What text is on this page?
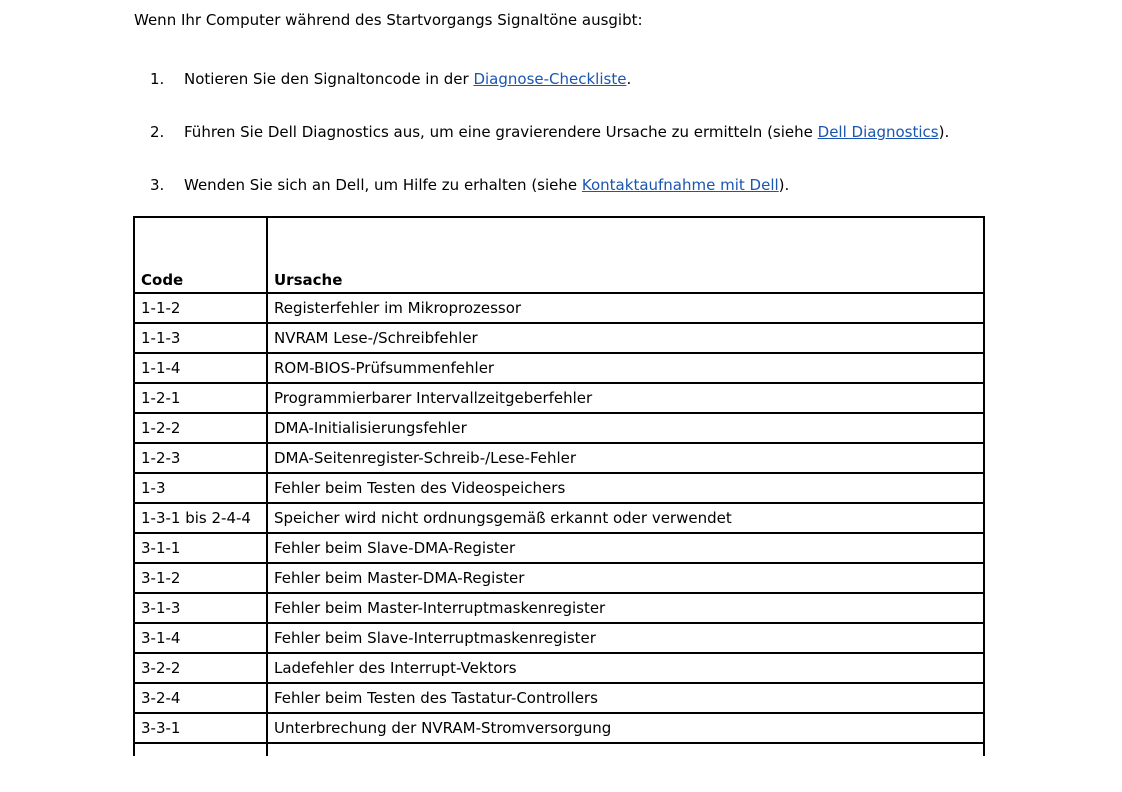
Wenn Ihr Computer während des Startvorgangs Signaltöne ausgibt:

1. Notieren Sie den Signaltoncode in der Diagnose-Checkliste.
2. Führen Sie Dell Diagnostics aus, um eine gravierendere Ursache zu ermitteln (siehe Dell Diagnostics).
3. Wenden Sie sich an Dell, um Hilfe zu erhalten (siehe Kontaktaufnahme mit Dell).
Code	Ursache
1-1-2	Registerfehler im Mikroprozessor
1-1-3	NVRAM Lese-/Schreibfehler
1-1-4	ROM-BIOS-Prüfsummenfehler
1-2-1	Programmierbarer Intervallzeitgeberfehler
1-2-2	DMA-Initialisierungsfehler
1-2-3	DMA-Seitenregister-Schreib-/Lese-Fehler
1-3	Fehler beim Testen des Videospeichers
1-3-1 bis 2-4-4	Speicher wird nicht ordnungsgemäß erkannt oder verwendet
3-1-1	Fehler beim Slave-DMA-Register
3-1-2	Fehler beim Master-DMA-Register
3-1-3	Fehler beim Master-Interruptmaskenregister
3-1-4	Fehler beim Slave-Interruptmaskenregister
3-2-2	Ladefehler des Interrupt-Vektors
3-2-4	Fehler beim Testen des Tastatur-Controllers
3-3-1	Unterbrechung der NVRAM-Stromversorgung
